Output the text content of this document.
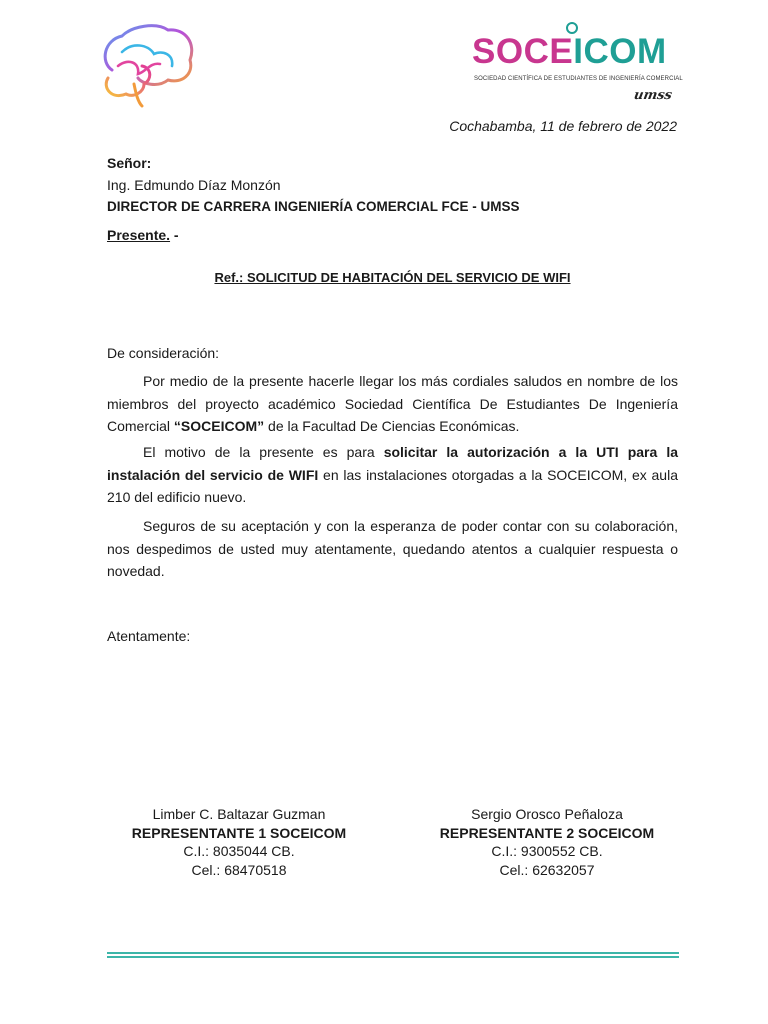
SOCEICOM
SOCIEDAD CIENTÍFICA DE ESTUDIANTES DE INGENIERÍA COMERCIAL
umss
Cochabamba, 11 de febrero de 2022
Señor:
Ing. Edmundo Díaz Monzón
DIRECTOR DE CARRERA INGENIERÍA COMERCIAL FCE - UMSS
Presente. -
Ref.: SOLICITUD DE HABITACIÓN DEL SERVICIO DE WIFI
De consideración:
Por medio de la presente hacerle llegar los más cordiales saludos en nombre de los miembros del proyecto académico Sociedad Científica De Estudiantes De Ingeniería Comercial “SOCEICOM” de la Facultad De Ciencias Económicas.
El motivo de la presente es para solicitar la autorización a la UTI para la instalación del servicio de WIFI en las instalaciones otorgadas a la SOCEICOM, ex aula 210 del edificio nuevo.
Seguros de su aceptación y con la esperanza de poder contar con su colaboración, nos despedimos de usted muy atentamente, quedando atentos a cualquier respuesta o novedad.
Atentamente:
Limber C. Baltazar Guzman
REPRESENTANTE 1 SOCEICOM
C.I.: 8035044 CB.
Cel.: 68470518
Sergio Orosco Peñaloza
REPRESENTANTE 2 SOCEICOM
C.I.: 9300552 CB.
Cel.: 62632057
